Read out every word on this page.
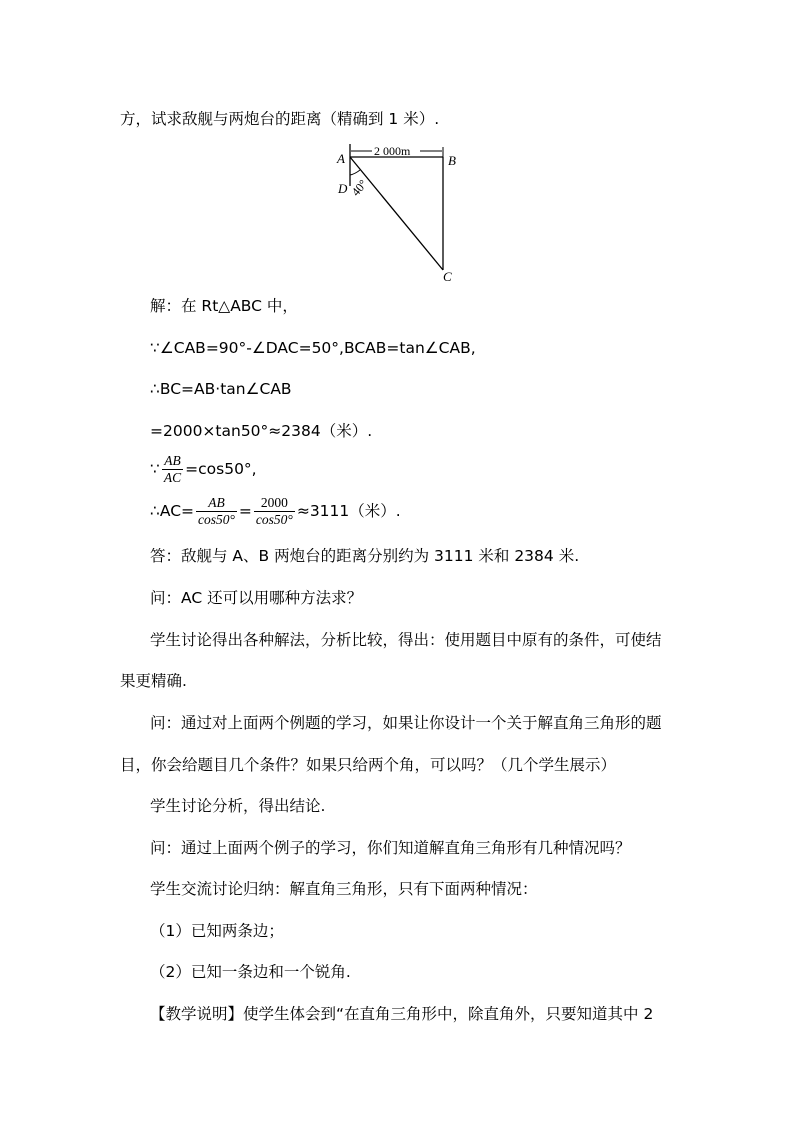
方，试求敌舰与两炮台的距离（精确到 1 米）.
A	B
C
D
2 000m
40°
解：在 Rt△ABC 中，
∵∠CAB=90°-∠DAC=50°,BCAB=tan∠CAB,
∴BC=AB·tan∠CAB
=2000×tan50°≈2384（米）.
∵ $\frac{AB}{AC} =\cos 50^\circ$,
∴AC= $\frac{AB}{\cos 50^\circ} = \frac{2000}{\cos 50^\circ} \approx 3111$（米）.
答：敌舰与 A、B 两炮台的距离分别约为 3111 米和 2384 米.
问：AC 还可以用哪种方法求？
学生讨论得出各种解法，分析比较，得出：使用题目中原有的条件，可使结
果更精确.
问：通过对上面两个例题的学习，如果让你设计一个关于解直角三角形的题
目，你会给题目几个条件？如果只给两个角，可以吗？（几个学生展示）
学生讨论分析，得出结论.
问：通过上面两个例子的学习，你们知道解直角三角形有几种情况吗？
学生交流讨论归纳：解直角三角形，只有下面两种情况：
（1）已知两条边；
（2）已知一条边和一个锐角.
【教学说明】使学生体会到“在直角三角形中，除直角外，只要知道其中 2
